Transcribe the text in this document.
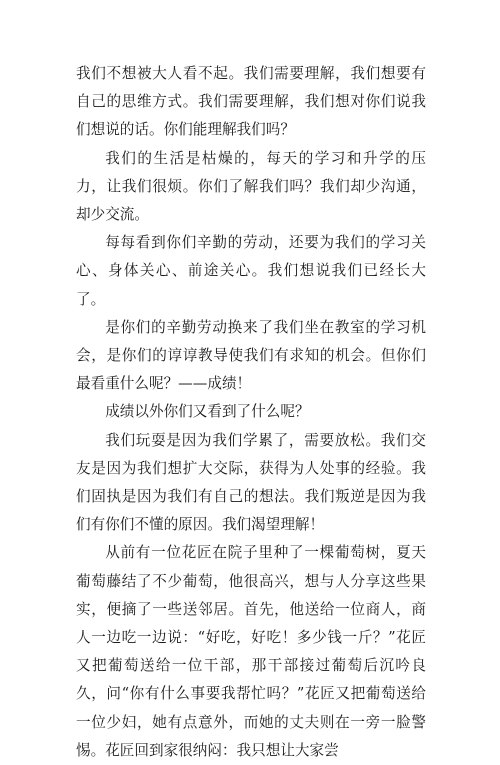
我们不想被大人看不起。我们需要理解，我们想要有自己的思维方式。我们需要理解，我们想对你们说我们想说的话。你们能理解我们吗？

我们的生活是枯燥的，每天的学习和升学的压力，让我们很烦。你们了解我们吗？我们却少沟通，却少交流。

每每看到你们辛勤的劳动，还要为我们的学习关心、身体关心、前途关心。我们想说我们已经长大了。

是你们的辛勤劳动换来了我们坐在教室的学习机会，是你们的谆谆教导使我们有求知的机会。但你们最看重什么呢？——成绩！

成绩以外你们又看到了什么呢？

我们玩耍是因为我们学累了，需要放松。我们交友是因为我们想扩大交际，获得为人处事的经验。我们固执是因为我们有自己的想法。我们叛逆是因为我们有你们不懂的原因。我们渴望理解！

从前有一位花匠在院子里种了一棵葡萄树，夏天葡萄藤结了不少葡萄，他很高兴，想与人分享这些果实，便摘了一些送邻居。首先，他送给一位商人，商人一边吃一边说：“好吃，好吃！多少钱一斤？”花匠又把葡萄送给一位干部，那干部接过葡萄后沉吟良久，问“你有什么事要我帮忙吗？”花匠又把葡萄送给一位少妇，她有点意外，而她的丈夫则在一旁一脸警惕。花匠回到家很纳闷：我只想让大家尝
